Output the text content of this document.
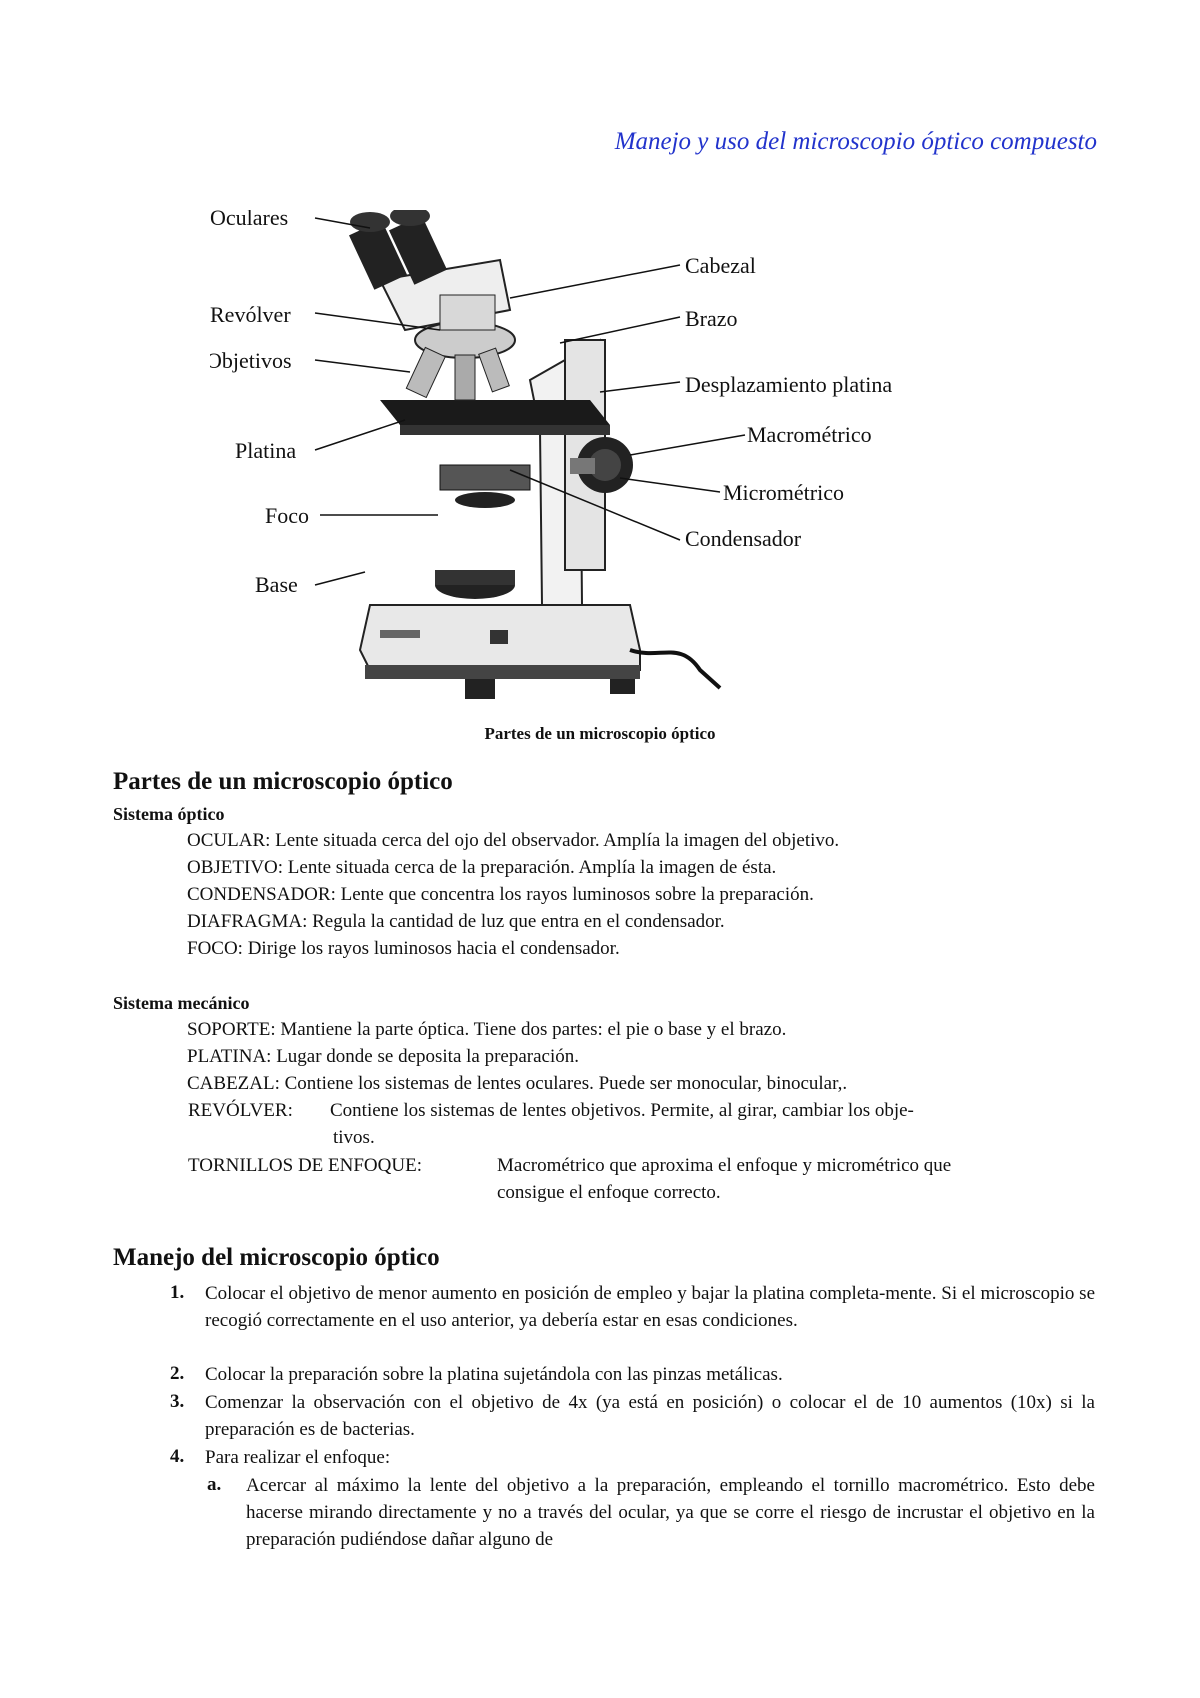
Manejo y uso del microscopio óptico compuesto
Oculares
Revólver
Objetivos
Platina
Foco
Base
Cabezal
Brazo
Desplazamiento platina
Macrométrico
Micrométrico
Condensador
Partes de un microscopio óptico
Partes de un microscopio óptico
Sistema óptico
OCULAR: Lente situada cerca del ojo del observador. Amplía la imagen del objetivo.
OBJETIVO: Lente situada cerca de la preparación. Amplía la imagen de ésta.
CONDENSADOR: Lente que concentra los rayos luminosos sobre la preparación.
DIAFRAGMA: Regula la cantidad de luz que entra en el condensador.
FOCO: Dirige los rayos luminosos hacia el condensador.
Sistema mecánico
SOPORTE: Mantiene la parte óptica. Tiene dos partes: el pie o base y el brazo.
PLATINA: Lugar donde se deposita la preparación.
CABEZAL: Contiene los sistemas de lentes oculares. Puede ser monocular, binocular,.
REVÓLVER: Contiene los sistemas de lentes objetivos. Permite, al girar, cambiar los obje-
tivos.
TORNILLOS DE ENFOQUE:	Macrométrico que aproxima el enfoque y micrométrico que
consigue el enfoque correcto.
Manejo del microscopio óptico
1. Colocar el objetivo de menor aumento en posición de empleo y bajar la platina completa-mente. Si el microscopio se recogió correctamente en el uso anterior, ya debería estar en esas condiciones.
2. Colocar la preparación sobre la platina sujetándola con las pinzas metálicas.
3. Comenzar la observación con el objetivo de 4x (ya está en posición) o colocar el de 10 aumentos (10x) si la preparación es de bacterias.
4. Para realizar el enfoque:
a. Acercar al máximo la lente del objetivo a la preparación, empleando el tornillo macrométrico. Esto debe hacerse mirando directamente y no a través del ocular, ya que se corre el riesgo de incrustar el objetivo en la preparación pudiéndose dañar alguno de
